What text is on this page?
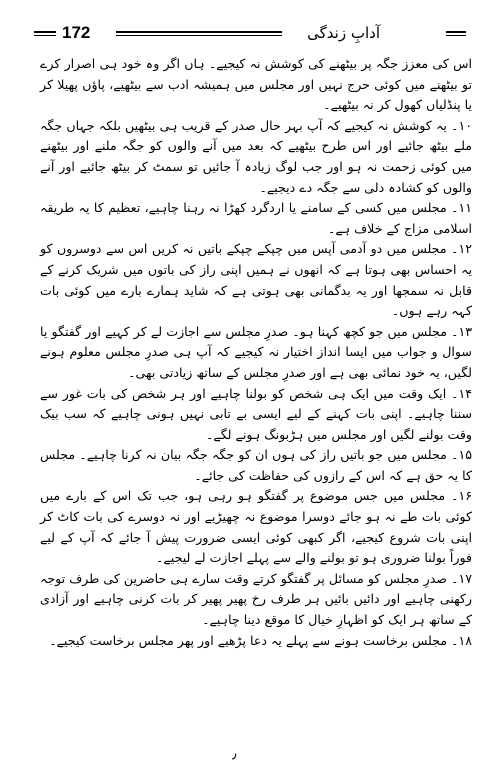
172	آدابِ زندگی

اس کی معزز جگہ پر بیٹھنے کی کوشش نہ کیجیے۔ ہاں اگر وہ خود ہی اصرار کرے تو بیٹھنے میں کوئی حرج نہیں اور مجلس میں ہمیشہ ادب سے بیٹھیے، پاؤں پھیلا کر یا پنڈلیاں کھول کر نہ بیٹھیے۔

۱۰۔ یہ کوشش نہ کیجیے کہ آپ بہر حال صدر کے قریب ہی بیٹھیں بلکہ جہاں جگہ ملے بیٹھ جائیے اور اس طرح بیٹھیے کہ بعد میں آنے والوں کو جگہ ملنے اور بیٹھنے میں کوئی زحمت نہ ہو اور جب لوگ زیادہ آ جائیں تو سمٹ کر بیٹھ جائیے اور آنے والوں کو کشادہ دلی سے جگہ دے دیجیے۔

۱۱۔ مجلس میں کسی کے سامنے یا اردگرد کھڑا نہ رہنا چاہیے، تعظیم کا یہ طریقہ اسلامی مزاج کے خلاف ہے۔

۱۲۔ مجلس میں دو آدمی آپس میں چپکے چپکے باتیں نہ کریں اس سے دوسروں کو یہ احساس بھی ہوتا ہے کہ انھوں نے ہمیں اپنی راز کی باتوں میں شریک کرنے کے قابل نہ سمجھا اور یہ بدگمانی بھی ہوتی ہے کہ شاید ہمارے بارے میں کوئی بات کہہ رہے ہوں۔

۱۳۔ مجلس میں جو کچھ کہنا ہو۔ صدرِ مجلس سے اجازت لے کر کہیے اور گفتگو یا سوال و جواب میں ایسا انداز اختیار نہ کیجیے کہ آپ ہی صدرِ مجلس معلوم ہونے لگیں، یہ خود نمائی بھی ہے اور صدرِ مجلس کے ساتھ زیادتی بھی۔

۱۴۔ ایک وقت میں ایک ہی شخص کو بولنا چاہیے اور ہر شخص کی بات غور سے سننا چاہیے۔ اپنی بات کہنے کے لیے ایسی بے تابی نہیں ہونی چاہیے کہ سب بیک وقت بولنے لگیں اور مجلس میں ہڑبونگ ہونے لگے۔

۱۵۔ مجلس میں جو باتیں راز کی ہوں ان کو جگہ جگہ بیان نہ کرنا چاہیے۔ مجلس کا یہ حق ہے کہ اس کے رازوں کی حفاظت کی جائے۔

۱۶۔ مجلس میں جس موضوع پر گفتگو ہو رہی ہو، جب تک اس کے بارے میں کوئی بات طے نہ ہو جائے دوسرا موضوع نہ چھیڑیے اور نہ دوسرے کی بات کاٹ کر اپنی بات شروع کیجیے، اگر کبھی کوئی ایسی ضرورت پیش آ جائے کہ آپ کے لیے فوراً بولنا ضروری ہو تو بولنے والے سے پہلے اجازت لے لیجیے۔

۱۷۔ صدرِ مجلس کو مسائل پر گفتگو کرتے وقت سارے ہی حاضرین کی طرف توجہ رکھنی چاہیے اور دائیں بائیں ہر طرف رخ پھیر پھیر کر بات کرنی چاہیے اور آزادی کے ساتھ ہر ایک کو اظہارِ خیال کا موقع دینا چاہیے۔

۱۸۔ مجلس برخاست ہونے سے پہلے یہ دعا پڑھیے اور پھر مجلس برخاست کیجیے۔

٫
